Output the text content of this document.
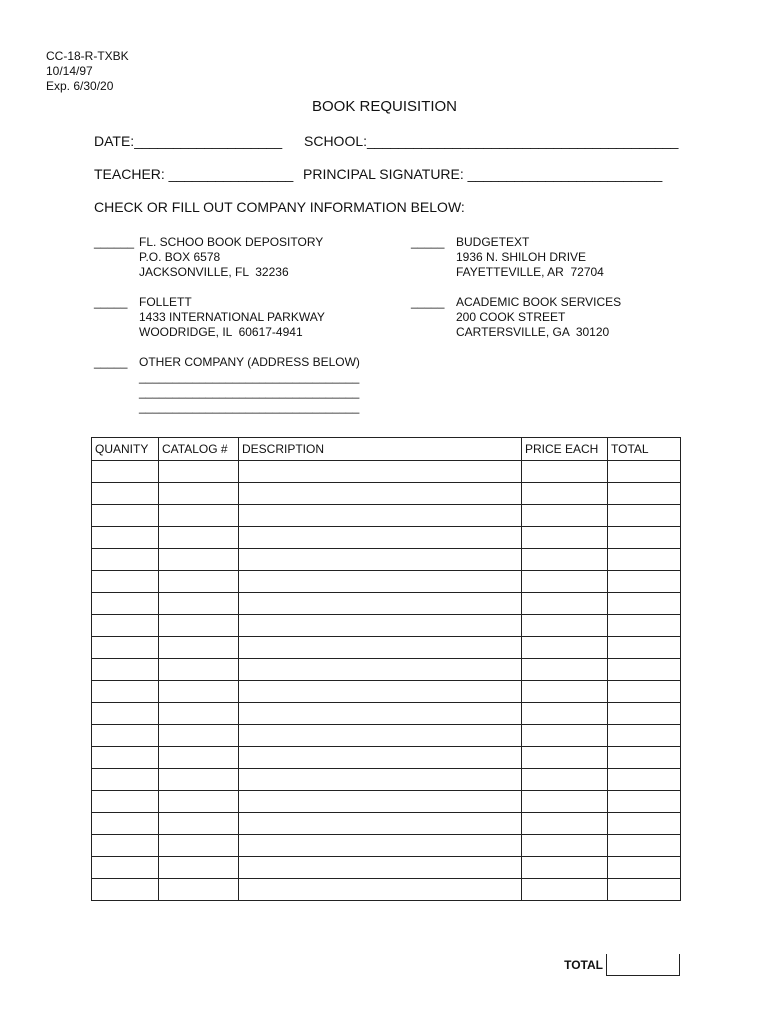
CC-18-R-TXBK
10/14/97
Exp. 6/30/20
BOOK REQUISITION
DATE:___________________ SCHOOL:________________________________________
TEACHER: ________________ PRINCIPAL SIGNATURE: _________________________
CHECK OR FILL OUT COMPANY INFORMATION BELOW:
______ FL. SCHOO BOOK DEPOSITORY
P.O. BOX 6578
JACKSONVILLE, FL  32236
_____ BUDGETEXT
1936 N. SHILOH DRIVE
FAYETTEVILLE, AR  72704
_____ FOLLETT
1433 INTERNATIONAL PARKWAY
WOODRIDGE, IL  60617-4941
_____ ACADEMIC BOOK SERVICES
200 COOK STREET
CARTERSVILLE, GA  30120
_____ OTHER COMPANY (ADDRESS BELOW)
_________________________________
_________________________________
_________________________________
QUANITY	CATALOG #	DESCRIPTION	PRICE EACH	TOTAL

TOTAL
